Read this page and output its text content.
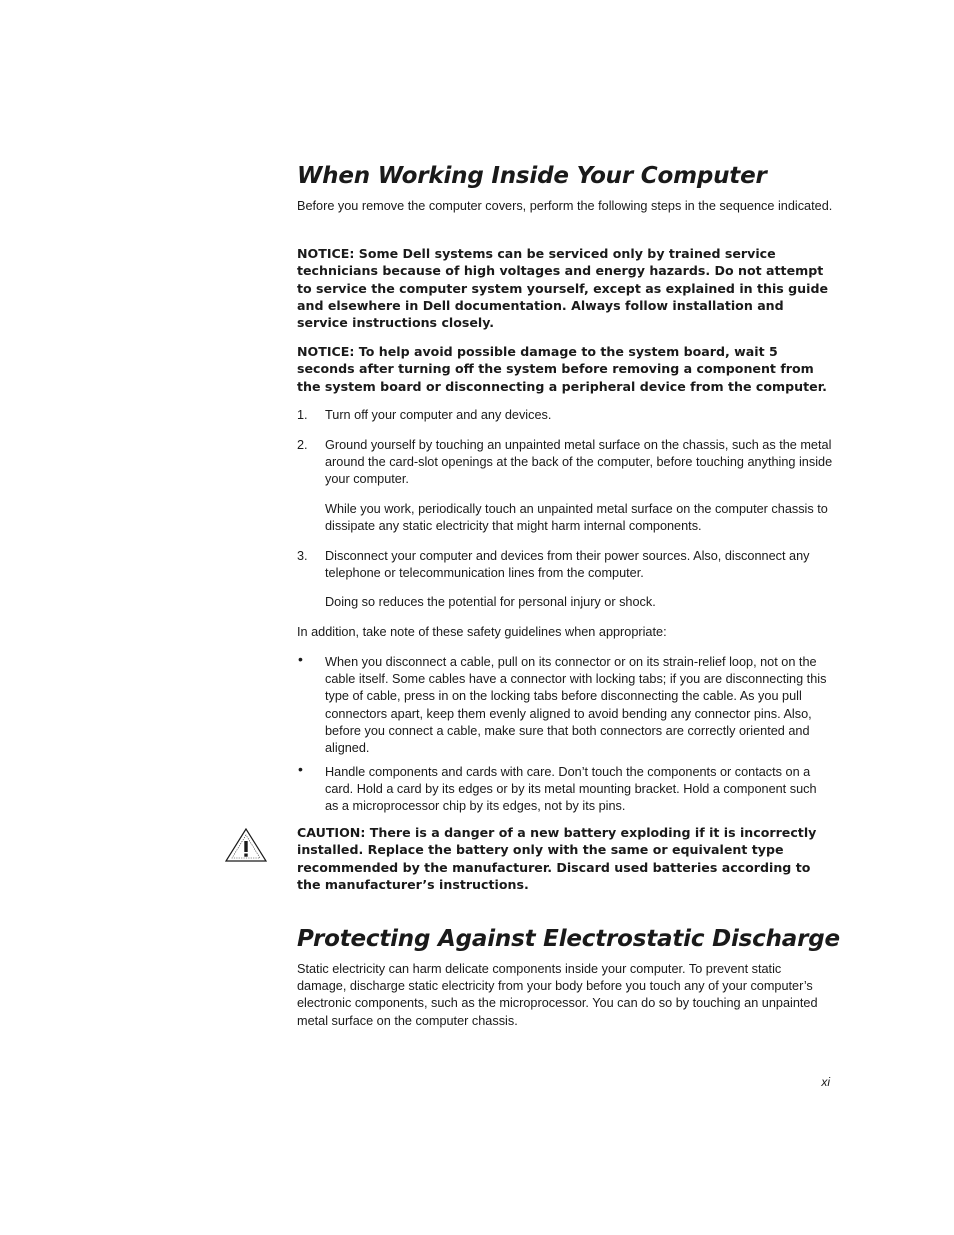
When Working Inside Your Computer

Before you remove the computer covers, perform the following steps in the sequence indicated.

NOTICE: Some Dell systems can be serviced only by trained service technicians because of high voltages and energy hazards. Do not attempt to service the computer system yourself, except as explained in this guide and elsewhere in Dell documentation. Always follow installation and service instructions closely.

NOTICE: To help avoid possible damage to the system board, wait 5 seconds after turning off the system before removing a component from the system board or disconnecting a peripheral device from the computer.

1. Turn off your computer and any devices.
2. Ground yourself by touching an unpainted metal surface on the chassis, such as the metal around the card-slot openings at the back of the computer, before touching anything inside your computer.
While you work, periodically touch an unpainted metal surface on the computer chassis to dissipate any static electricity that might harm internal components.
3. Disconnect your computer and devices from their power sources. Also, disconnect any telephone or telecommunication lines from the computer.
Doing so reduces the potential for personal injury or shock.

In addition, take note of these safety guidelines when appropriate:

• When you disconnect a cable, pull on its connector or on its strain-relief loop, not on the cable itself. Some cables have a connector with locking tabs; if you are disconnecting this type of cable, press in on the locking tabs before disconnecting the cable. As you pull connectors apart, keep them evenly aligned to avoid bending any connector pins. Also, before you connect a cable, make sure that both connectors are correctly oriented and aligned.
• Handle components and cards with care. Don’t touch the components or contacts on a card. Hold a card by its edges or by its metal mounting bracket. Hold a component such as a microprocessor chip by its edges, not by its pins.

CAUTION: There is a danger of a new battery exploding if it is incorrectly installed. Replace the battery only with the same or equivalent type recommended by the manufacturer. Discard used batteries according to the manufacturer’s instructions.

Protecting Against Electrostatic Discharge

Static electricity can harm delicate components inside your computer. To prevent static damage, discharge static electricity from your body before you touch any of your computer’s electronic components, such as the microprocessor. You can do so by touching an unpainted metal surface on the computer chassis.

xi
